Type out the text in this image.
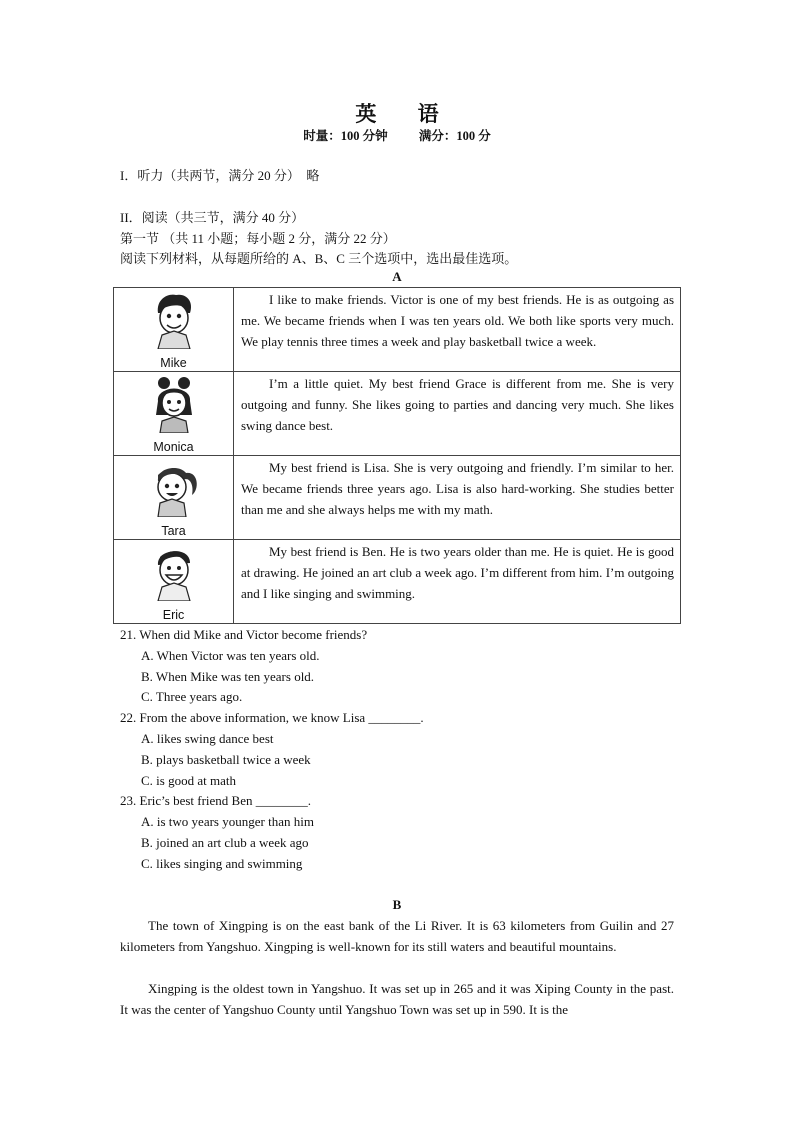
英 语
时量：100 分钟 满分：100 分
I．听力（共两节，满分 20 分）　略
II．阅读（共三节，满分 40 分）
第一节 （共 11 小题；每小题 2 分，满分 22 分）
阅读下列材料，从每题所给的 A、B、C 三个选项中，选出最佳选项。
A
Mike	I like to make friends. Victor is one of my best friends. He is as outgoing as me. We became friends when I was ten years old. We both like sports very much. We play tennis three times a week and play basketball twice a week.

Monica	I’m a little quiet. My best friend Grace is different from me. She is very outgoing and funny. She likes going to parties and dancing very much. She likes swing dance best.

Tara	My best friend is Lisa. She is very outgoing and friendly. I’m similar to her. We became friends three years ago. Lisa is also hard-working. She studies better than me and she always helps me with my math.

Eric	My best friend is Ben. He is two years older than me. He is quiet. He is good at drawing. He joined an art club a week ago. I’m different from him. I’m outgoing and I like singing and swimming.
21. When did Mike and Victor become friends?
A. When Victor was ten years old.
B. When Mike was ten years old.
C. Three years ago.
22. From the above information, we know Lisa ________.
A. likes swing dance best
B. plays basketball twice a week
C. is good at math
23. Eric’s best friend Ben ________.
A. is two years younger than him
B. joined an art club a week ago
C. likes singing and swimming
B
The town of Xingping is on the east bank of the Li River. It is 63 kilometers from Guilin and 27 kilometers from Yangshuo. Xingping is well-known for its still waters and beautiful mountains.
Xingping is the oldest town in Yangshuo. It was set up in 265 and it was Xiping County in the past. It was the center of Yangshuo County until Yangshuo Town was set up in 590. It is the
